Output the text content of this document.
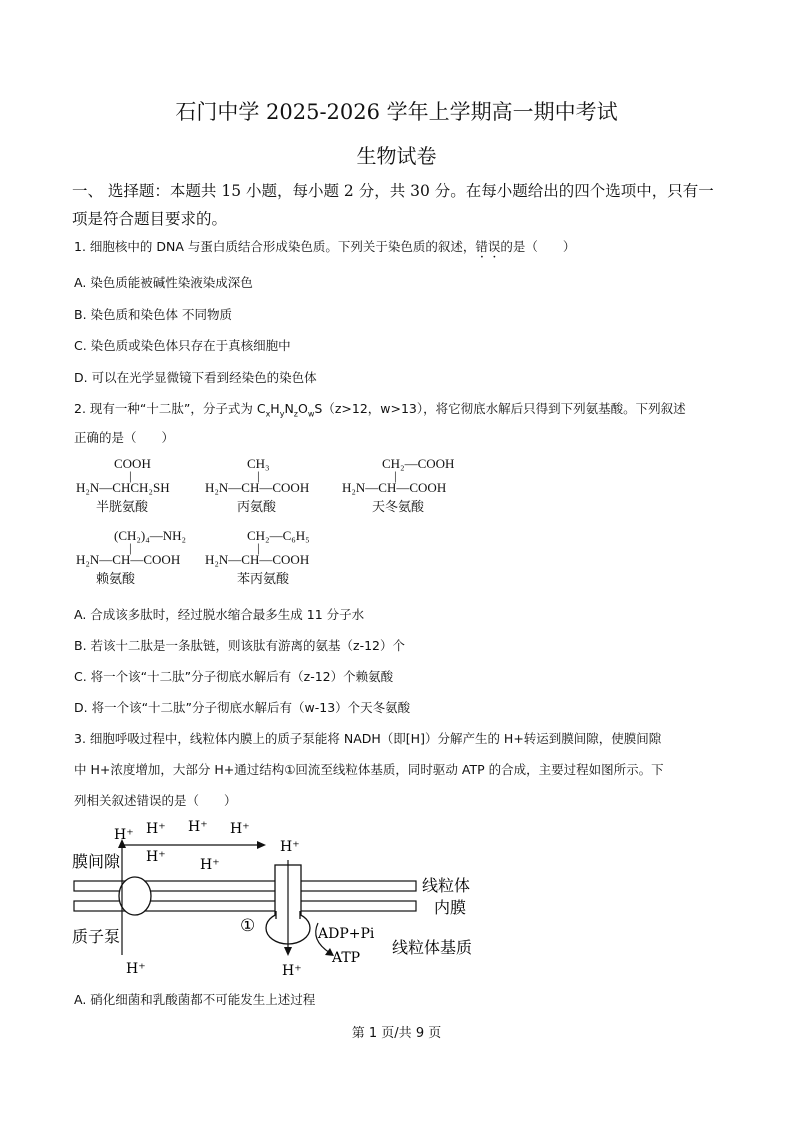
石门中学 2025-2026 学年上学期高一期中考试
生物试卷
一、 选择题：本题共 15 小题，每小题 2 分，共 30 分。在每小题给出的四个选项中，只有一
项是符合题目要求的。
1. 细胞核中的 DNA 与蛋白质结合形成染色质。下列关于染色质的叙述，错误的是（　　）
A. 染色质能被碱性染液染成深色
B. 染色质和染色体 不同物质
C. 染色质或染色体只存在于真核细胞中
D. 可以在光学显微镜下看到经染色的染色体
2. 现有一种“十二肽”，分子式为 $C_xH_yN_zO_wS(z>12$，w>13），将它彻底水解后只得到下列氨基酸。下列叙述
正确的是（　　）
COOH
|
H₂N—CHCH₂SH
半胱氨酸
CH₃
|
H₂N—CH—COOH
丙氨酸
CH₂—COOH
|
H₂N—CH—COOH
天冬氨酸
(CH₂)₄—NH₂
|
H₂N—CH—COOH
赖氨酸
CH₂—C₆H₅
|
H₂N—CH—COOH
苯丙氨酸
A. 合成该多肽时，经过脱水缩合最多生成 11 分子水
B. 若该十二肽是一条肽链，则该肽有游离的氨基（z-12）个
C. 将一个该“十二肽”分子彻底水解后有（z-12）个赖氨酸
D. 将一个该“十二肽”分子彻底水解后有（w-13）个天冬氨酸
3. 细胞呼吸过程中，线粒体内膜上的质子泵能将 NADH（即[H]）分解产生的 H+转运到膜间隙，使膜间隙
中 H+浓度增加，大部分 H+通过结构①回流至线粒体基质，同时驱动 ATP 的合成，主要过程如图所示。下
列相关叙述错误的是（　　）
H⁺ H⁺ H⁺ H⁺
H⁺ H⁺
H⁺
H⁺	H⁺
膜间隙
质子泵
①	ADP+Pi
ATP
线粒体
内膜
线粒体基质
A. 硝化细菌和乳酸菌都不可能发生上述过程
第 1 页/共 9 页
